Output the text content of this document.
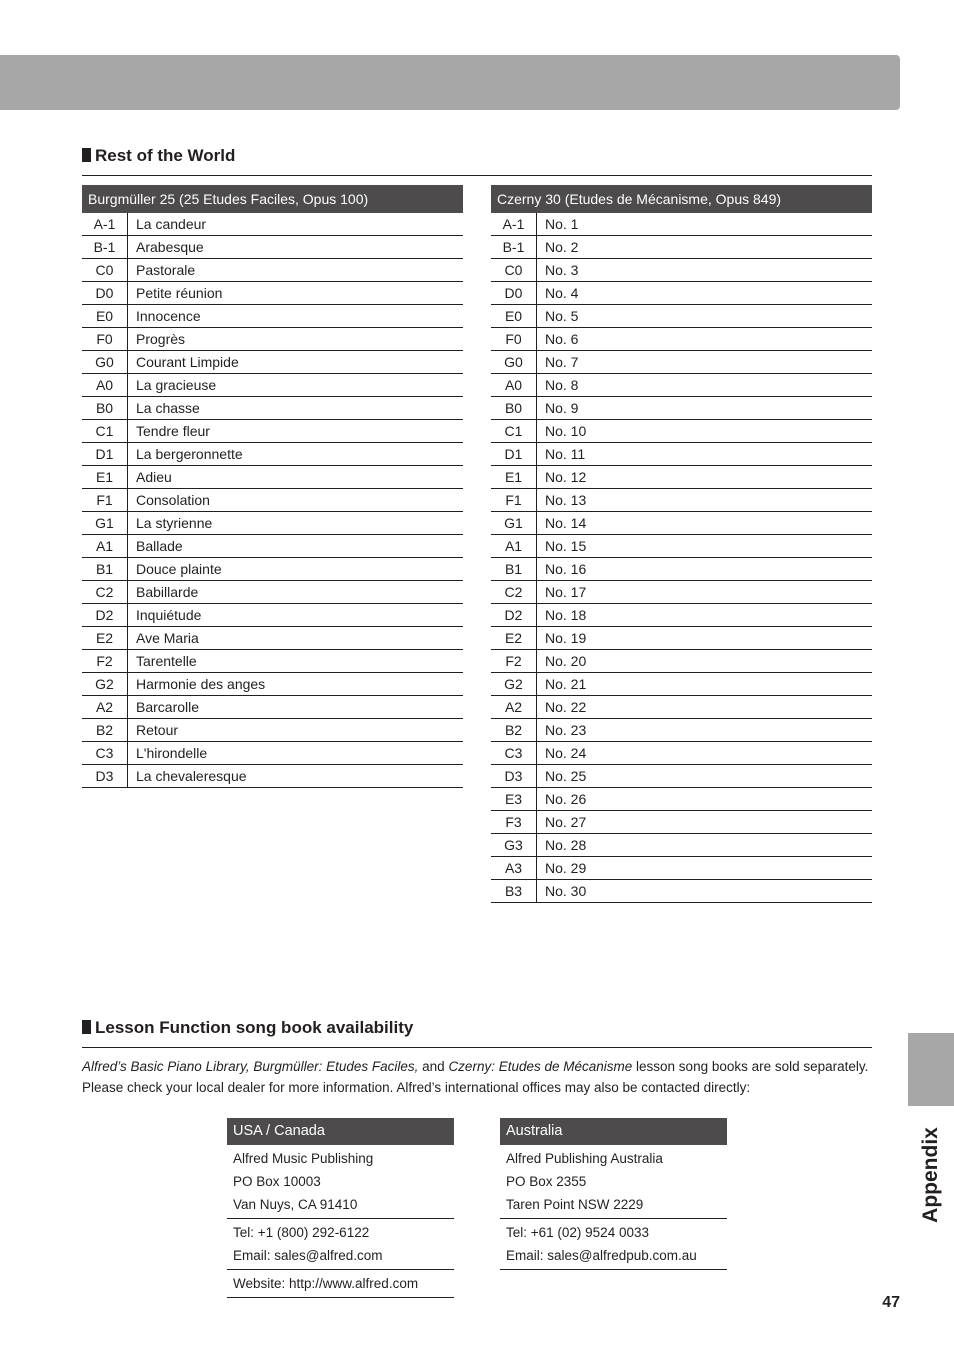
Rest of the World
Burgmüller 25 (25 Etudes Faciles, Opus 100)	
A-1	La candeur
B-1	Arabesque
C0	Pastorale
D0	Petite réunion
E0	Innocence
F0	Progrès
G0	Courant Limpide
A0	La gracieuse
B0	La chasse
C1	Tendre fleur
D1	La bergeronnette
E1	Adieu
F1	Consolation
G1	La styrienne
A1	Ballade
B1	Douce plainte
C2	Babillarde
D2	Inquiétude
E2	Ave Maria
F2	Tarentelle
G2	Harmonie des anges
A2	Barcarolle
B2	Retour
C3	L'hirondelle
D3	La chevaleresque
Czerny 30 (Etudes de Mécanisme, Opus 849)	
A-1	No. 1
B-1	No. 2
C0	No. 3
D0	No. 4
E0	No. 5
F0	No. 6
G0	No. 7
A0	No. 8
B0	No. 9
C1	No. 10
D1	No. 11
E1	No. 12
F1	No. 13
G1	No. 14
A1	No. 15
B1	No. 16
C2	No. 17
D2	No. 18
E2	No. 19
F2	No. 20
G2	No. 21
A2	No. 22
B2	No. 23
C3	No. 24
D3	No. 25
E3	No. 26
F3	No. 27
G3	No. 28
A3	No. 29
B3	No. 30
Lesson Function song book availability

Alfred’s Basic Piano Library, Burgmüller: Etudes Faciles, and Czerny: Etudes de Mécanisme lesson song books are sold separately.

Please check your local dealer for more information. Alfred’s international offices may also be contacted directly:

USA / Canada
Alfred Music Publishing
PO Box 10003
Van Nuys, CA 91410
Tel: +1 (800) 292-6122
Email: sales@alfred.com
Website: http://www.alfred.com
Australia
Alfred Publishing Australia
PO Box 2355
Taren Point NSW 2229
Tel: +61 (02) 9524 0033
Email: sales@alfredpub.com.au
Appendix
47
